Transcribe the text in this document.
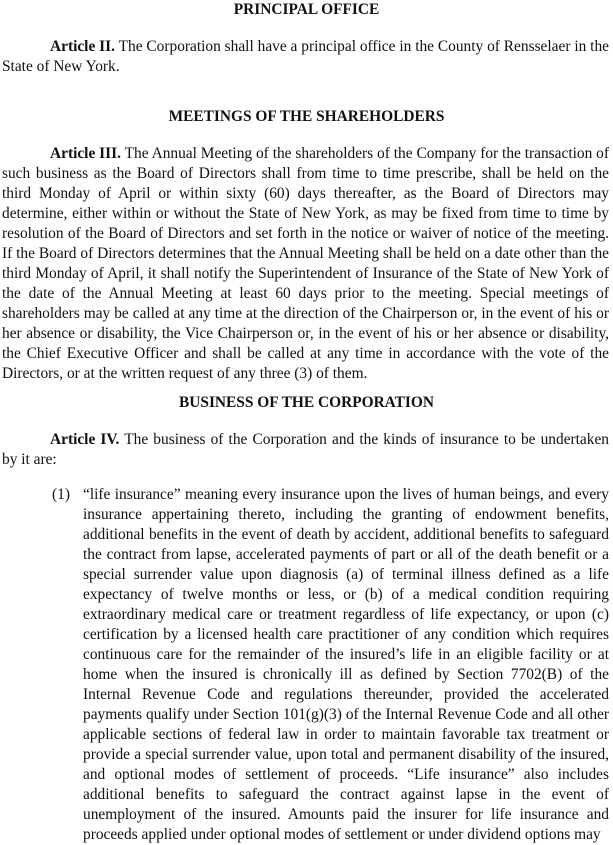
PRINCIPAL OFFICE

Article II. The Corporation shall have a principal office in the County of Rensselaer in the State of New York.

MEETINGS OF THE SHAREHOLDERS

Article III. The Annual Meeting of the shareholders of the Company for the transaction of such business as the Board of Directors shall from time to time prescribe, shall be held on the third Monday of April or within sixty (60) days thereafter, as the Board of Directors may determine, either within or without the State of New York, as may be fixed from time to time by resolution of the Board of Directors and set forth in the notice or waiver of notice of the meeting. If the Board of Directors determines that the Annual Meeting shall be held on a date other than the third Monday of April, it shall notify the Superintendent of Insurance of the State of New York of the date of the Annual Meeting at least 60 days prior to the meeting. Special meetings of shareholders may be called at any time at the direction of the Chairperson or, in the event of his or her absence or disability, the Vice Chairperson or, in the event of his or her absence or disability, the Chief Executive Officer and shall be called at any time in accordance with the vote of the Directors, or at the written request of any three (3) of them.

BUSINESS OF THE CORPORATION

Article IV. The business of the Corporation and the kinds of insurance to be undertaken by it are:

(1) “life insurance” meaning every insurance upon the lives of human beings, and every insurance appertaining thereto, including the granting of endowment benefits, additional benefits in the event of death by accident, additional benefits to safeguard the contract from lapse, accelerated payments of part or all of the death benefit or a special surrender value upon diagnosis (a) of terminal illness defined as a life expectancy of twelve months or less, or (b) of a medical condition requiring extraordinary medical care or treatment regardless of life expectancy, or upon (c) certification by a licensed health care practitioner of any condition which requires continuous care for the remainder of the insured’s life in an eligible facility or at home when the insured is chronically ill as defined by Section 7702(B) of the Internal Revenue Code and regulations thereunder, provided the accelerated payments qualify under Section 101(g)(3) of the Internal Revenue Code and all other applicable sections of federal law in order to maintain favorable tax treatment or provide a special surrender value, upon total and permanent disability of the insured, and optional modes of settlement of proceeds. “Life insurance” also includes additional benefits to safeguard the contract against lapse in the event of unemployment of the insured. Amounts paid the insurer for life insurance and proceeds applied under optional modes of settlement or under dividend options may
